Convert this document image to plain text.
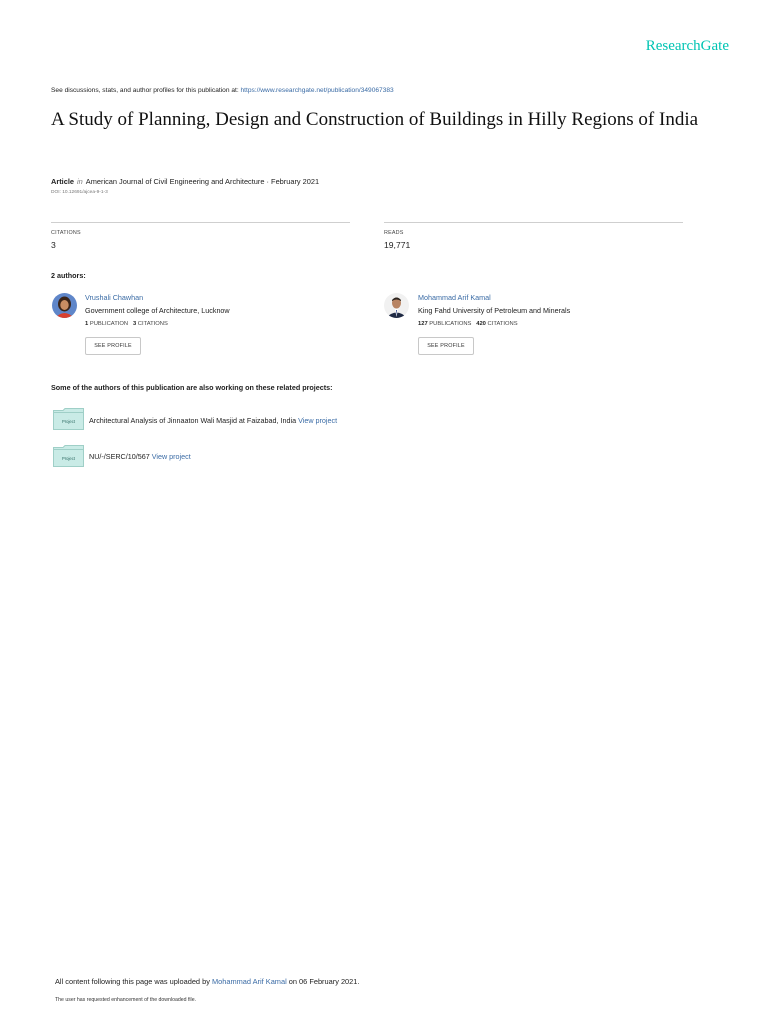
ResearchGate
See discussions, stats, and author profiles for this publication at: https://www.researchgate.net/publication/349067383
A Study of Planning, Design and Construction of Buildings in Hilly Regions of India
Article in American Journal of Civil Engineering and Architecture · February 2021
DOI: 10.12691/ajcea-9-1-3
CITATIONS
3
READS
19,771
2 authors:
Vrushali Chawhan
Government college of Architecture, Lucknow
1 PUBLICATION 3 CITATIONS
SEE PROFILE
Mohammad Arif Kamal
King Fahd University of Petroleum and Minerals
127 PUBLICATIONS 420 CITATIONS
SEE PROFILE
Some of the authors of this publication are also working on these related projects:
Project Architectural Analysis of Jinnaaton Wali Masjid at Faizabad, India View project
Project NU/-/SERC/10/567 View project
All content following this page was uploaded by Mohammad Arif Kamal on 06 February 2021.
The user has requested enhancement of the downloaded file.
